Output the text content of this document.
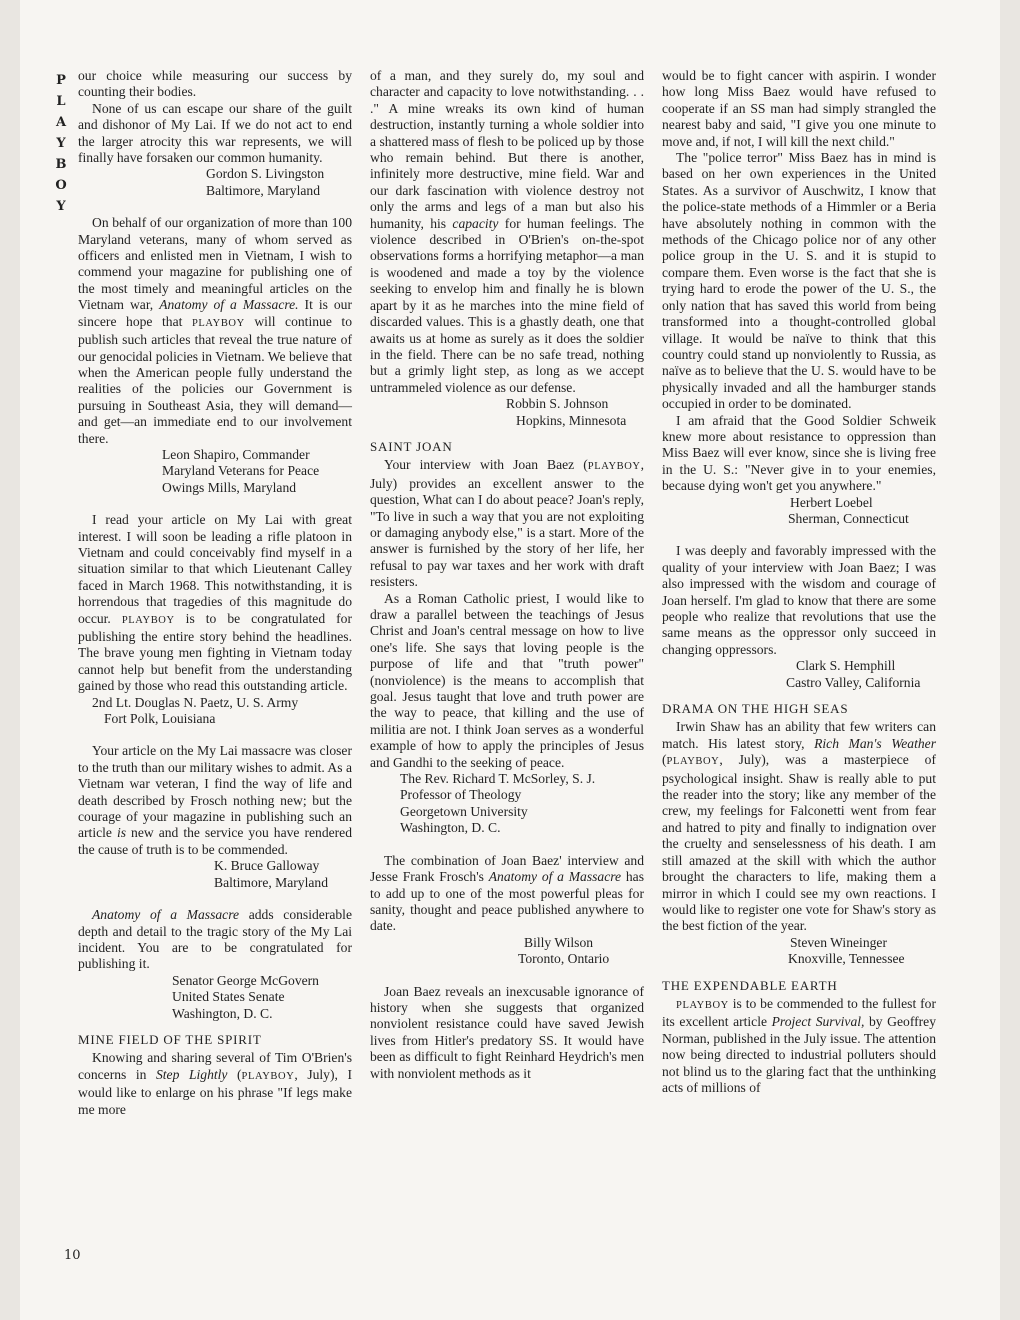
P
L
A
Y
B
O
Y

our choice while measuring our success by counting their bodies.

None of us can escape our share of the guilt and dishonor of My Lai. If we do not act to end the larger atrocity this war represents, we will finally have forsaken our common humanity.

Gordon S. Livingston
Baltimore, Maryland

On behalf of our organization of more than 100 Maryland veterans, many of whom served as officers and enlisted men in Vietnam, I wish to commend your magazine for publishing one of the most timely and meaningful articles on the Vietnam war, Anatomy of a Massacre. It is our sincere hope that PLAYBOY will continue to publish such articles that reveal the true nature of our genocidal policies in Vietnam. We believe that when the American people fully understand the realities of the policies our Government is pursuing in Southeast Asia, they will demand—and get—an immediate end to our involvement there.

Leon Shapiro, Commander
Maryland Veterans for Peace
Owings Mills, Maryland

I read your article on My Lai with great interest. I will soon be leading a rifle platoon in Vietnam and could conceivably find myself in a situation similar to that which Lieutenant Calley faced in March 1968. This notwithstanding, it is horrendous that tragedies of this magnitude do occur. PLAYBOY is to be congratulated for publishing the entire story behind the headlines. The brave young men fighting in Vietnam today cannot help but benefit from the understanding gained by those who read this outstanding article.

2nd Lt. Douglas N. Paetz, U. S. Army
Fort Polk, Louisiana

Your article on the My Lai massacre was closer to the truth than our military wishes to admit. As a Vietnam war veteran, I find the way of life and death described by Frosch nothing new; but the courage of your magazine in publishing such an article is new and the service you have rendered the cause of truth is to be commended.

K. Bruce Galloway
Baltimore, Maryland

Anatomy of a Massacre adds considerable depth and detail to the tragic story of the My Lai incident. You are to be congratulated for publishing it.

Senator George McGovern
United States Senate
Washington, D. C.
MINE FIELD OF THE SPIRIT

Knowing and sharing several of Tim O'Brien's concerns in Step Lightly (PLAYBOY, July), I would like to enlarge on his phrase "If legs make me more

of a man, and they surely do, my soul and character and capacity to love notwithstanding. . . ." A mine wreaks its own kind of human destruction, instantly turning a whole soldier into a shattered mass of flesh to be policed up by those who remain behind. But there is another, infinitely more destructive, mine field. War and our dark fascination with violence destroy not only the arms and legs of a man but also his humanity, his capacity for human feelings. The violence described in O'Brien's on-the-spot observations forms a horrifying metaphor—a man is woodened and made a toy by the violence seeking to envelop him and finally he is blown apart by it as he marches into the mine field of discarded values. This is a ghastly death, one that awaits us at home as surely as it does the soldier in the field. There can be no safe tread, nothing but a grimly light step, as long as we accept untrammeled violence as our defense.

Robbin S. Johnson
Hopkins, Minnesota
SAINT JOAN

Your interview with Joan Baez (PLAYBOY, July) provides an excellent answer to the question, What can I do about peace? Joan's reply, "To live in such a way that you are not exploiting or damaging anybody else," is a start. More of the answer is furnished by the story of her life, her refusal to pay war taxes and her work with draft resisters.

As a Roman Catholic priest, I would like to draw a parallel between the teachings of Jesus Christ and Joan's central message on how to live one's life. She says that loving people is the purpose of life and that "truth power" (nonviolence) is the means to accomplish that goal. Jesus taught that love and truth power are the way to peace, that killing and the use of militia are not. I think Joan serves as a wonderful example of how to apply the principles of Jesus and Gandhi to the seeking of peace.

The Rev. Richard T. McSorley, S. J.
Professor of Theology
Georgetown University
Washington, D. C.

The combination of Joan Baez' interview and Jesse Frank Frosch's Anatomy of a Massacre has to add up to one of the most powerful pleas for sanity, thought and peace published anywhere to date.

Billy Wilson
Toronto, Ontario

Joan Baez reveals an inexcusable ignorance of history when she suggests that organized nonviolent resistance could have saved Jewish lives from Hitler's predatory SS. It would have been as difficult to fight Reinhard Heydrich's men with nonviolent methods as it

would be to fight cancer with aspirin. I wonder how long Miss Baez would have refused to cooperate if an SS man had simply strangled the nearest baby and said, "I give you one minute to move and, if not, I will kill the next child."

The "police terror" Miss Baez has in mind is based on her own experiences in the United States. As a survivor of Auschwitz, I know that the police-state methods of a Himmler or a Beria have absolutely nothing in common with the methods of the Chicago police nor of any other police group in the U. S. and it is stupid to compare them. Even worse is the fact that she is trying hard to erode the power of the U. S., the only nation that has saved this world from being transformed into a thought-controlled global village. It would be naïve to think that this country could stand up nonviolently to Russia, as naïve as to believe that the U. S. would have to be physically invaded and all the hamburger stands occupied in order to be dominated.

I am afraid that the Good Soldier Schweik knew more about resistance to oppression than Miss Baez will ever know, since she is living free in the U. S.: "Never give in to your enemies, because dying won't get you anywhere."

Herbert Loebel
Sherman, Connecticut

I was deeply and favorably impressed with the quality of your interview with Joan Baez; I was also impressed with the wisdom and courage of Joan herself. I'm glad to know that there are some people who realize that revolutions that use the same means as the oppressor only succeed in changing oppressors.

Clark S. Hemphill
Castro Valley, California
DRAMA ON THE HIGH SEAS

Irwin Shaw has an ability that few writers can match. His latest story, Rich Man's Weather (PLAYBOY, July), was a masterpiece of psychological insight. Shaw is really able to put the reader into the story; like any member of the crew, my feelings for Falconetti went from fear and hatred to pity and finally to indignation over the cruelty and senselessness of his death. I am still amazed at the skill with which the author brought the characters to life, making them a mirror in which I could see my own reactions. I would like to register one vote for Shaw's story as the best fiction of the year.

Steven Wineinger
Knoxville, Tennessee
THE EXPENDABLE EARTH

PLAYBOY is to be commended to the fullest for its excellent article Project Survival, by Geoffrey Norman, published in the July issue. The attention now being directed to industrial polluters should not blind us to the glaring fact that the unthinking acts of millions of

10
